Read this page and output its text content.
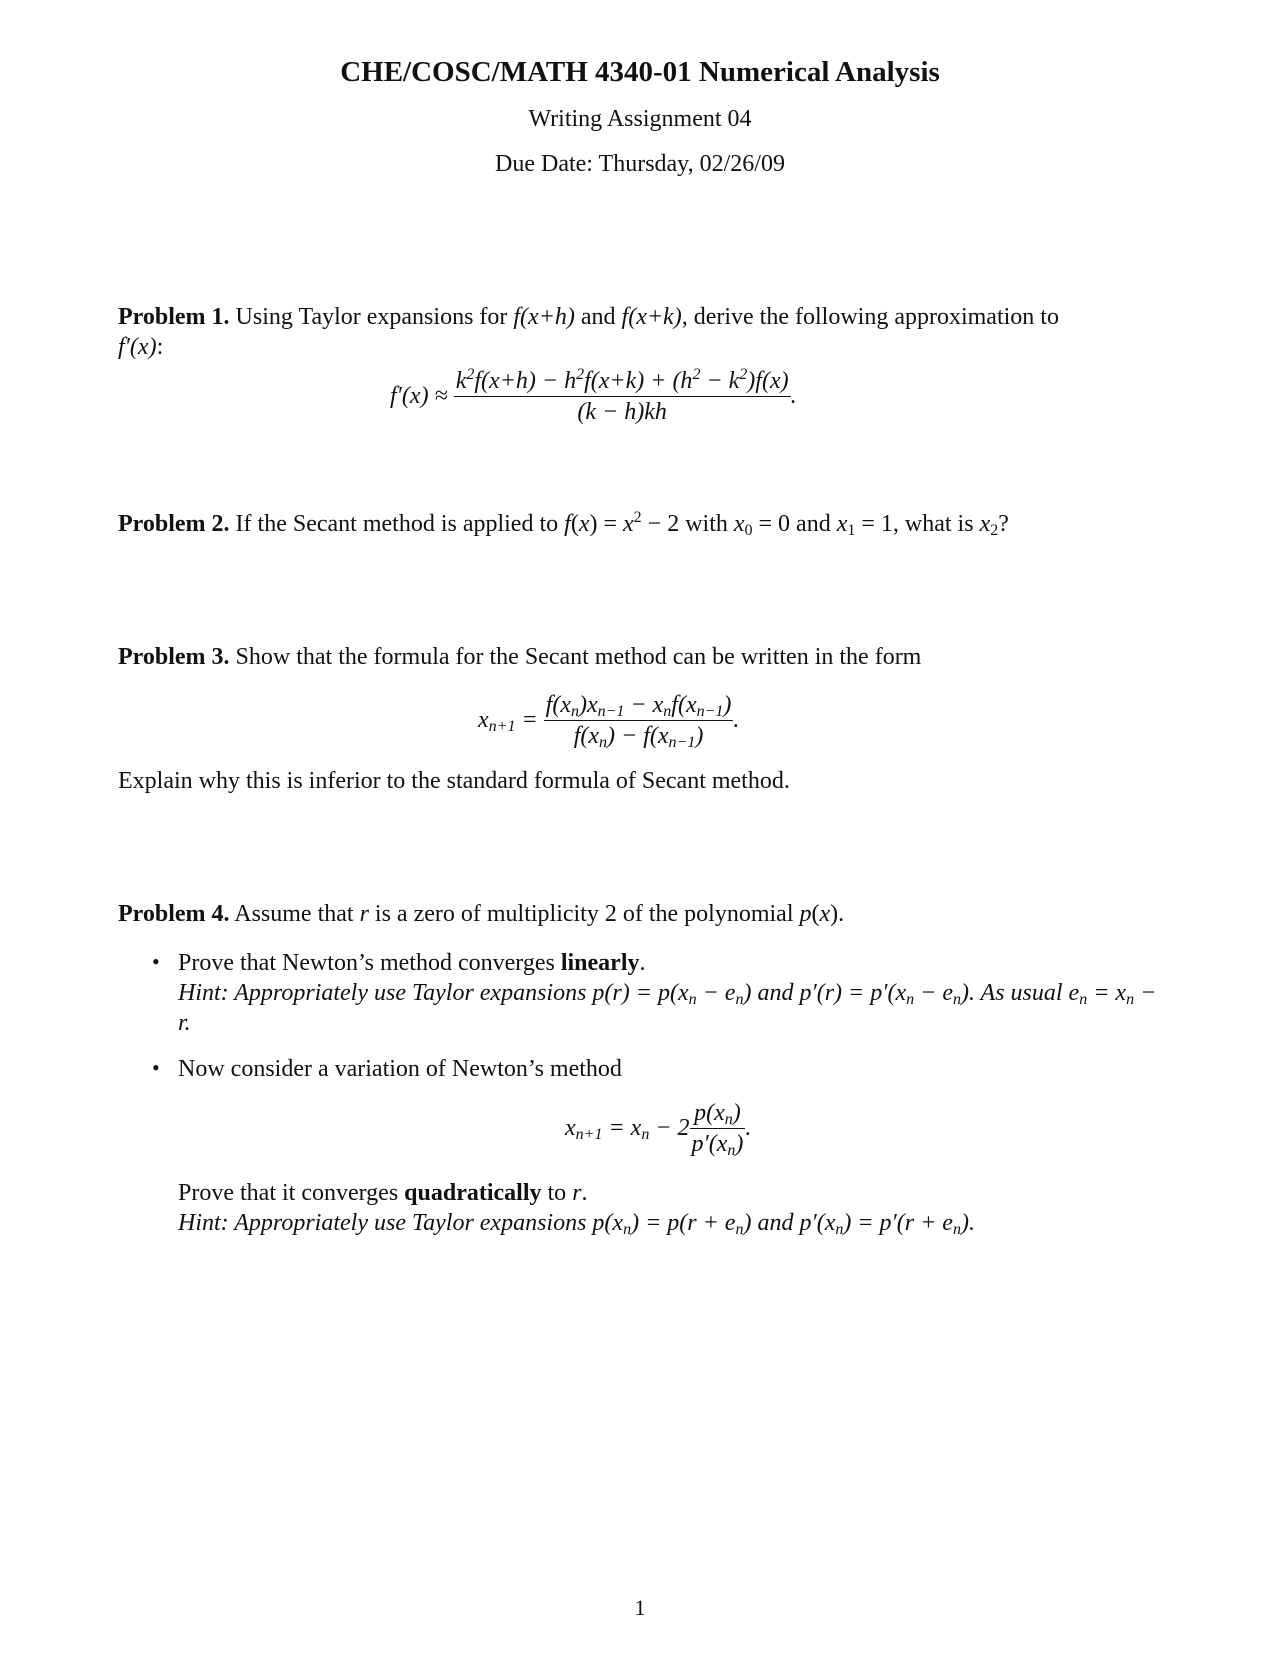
CHE/COSC/MATH 4340-01 Numerical Analysis
Writing Assignment 04
Due Date: Thursday, 02/26/09
Problem 1. Using Taylor expansions for f(x+h) and f(x+k), derive the following approximation to
f′(x):
$f'(x) \approx \frac{k^2f(x+h) - h^2f(x+k) + (h^2 - k^2)f(x)}{(k - h)kh}$ .
Problem 2. If the Secant method is applied to $f(x) = x^2 - 2$ with $x_0 = 0$ and $x_1 = 1$, what is $x_2$?
Problem 3. Show that the formula for the Secant method can be written in the form
$x_{n+1} = \frac{f(x_n)x_{n-1} - x_nf(x_{n-1})}{f(x_n) - f(x_{n-1})}$ .
Explain why this is inferior to the standard formula of Secant method.
Problem 4. Assume that r is a zero of multiplicity 2 of the polynomial p(x).
• Prove that Newton’s method converges linearly.
Hint: Appropriately use Taylor expansions $p(r) = p(x_n - e_n)$ and $p'(r) = p'(x_n - e_n)$. As usual $e_n = x_n - r$.
• Now consider a variation of Newton’s method
$x_{n+1} = x_n - 2 \frac{p(x_n)}{p'(x_n)}$ .
Prove that it converges quadratically to r.
Hint: Appropriately use Taylor expansions $p(x_n) = p(r + e_n)$ and $p'(x_n) = p'(r + e_n)$.
1
